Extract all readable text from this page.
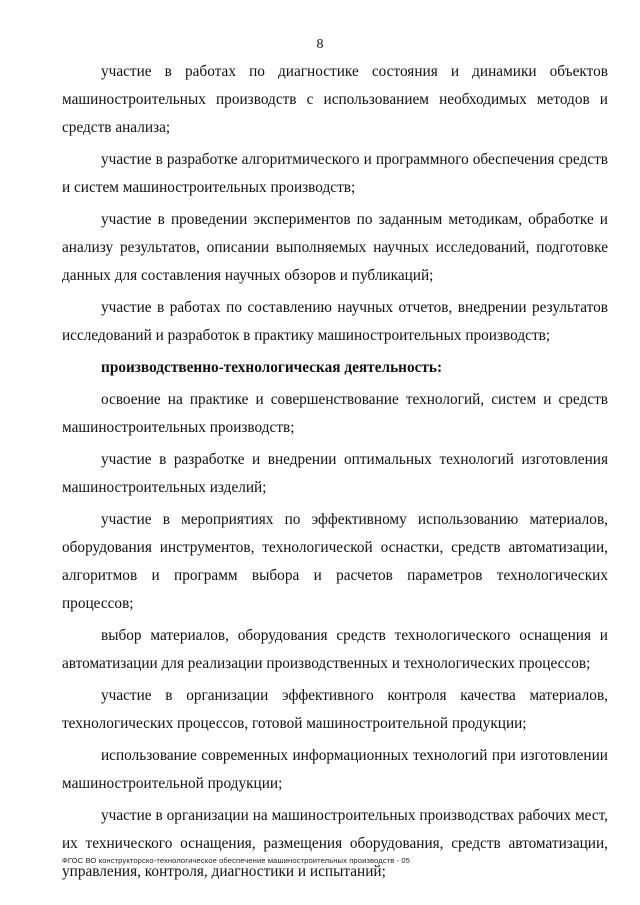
8

участие в работах по диагностике состояния и динамики объектов машиностроительных производств с использованием необходимых методов и средств анализа;

участие в разработке алгоритмического и программного обеспечения средств и систем машиностроительных производств;

участие в проведении экспериментов по заданным методикам, обработке и анализу результатов, описании выполняемых научных исследований, подготовке данных для составления научных обзоров и публикаций;

участие в работах по составлению научных отчетов, внедрении результатов исследований и разработок в практику машиностроительных производств;

производственно-технологическая деятельность:

освоение на практике и совершенствование технологий, систем и средств машиностроительных производств;

участие в разработке и внедрении оптимальных технологий изготовления машиностроительных изделий;

участие в мероприятиях по эффективному использованию материалов, оборудования инструментов, технологической оснастки, средств автоматизации, алгоритмов и программ выбора и расчетов параметров технологических процессов;

выбор материалов, оборудования средств технологического оснащения и автоматизации для реализации производственных и технологических процессов;

участие в организации эффективного контроля качества материалов, технологических процессов, готовой машиностроительной продукции;

использование современных информационных технологий при изготовлении машиностроительной продукции;

участие в организации на машиностроительных производствах рабочих мест, их технического оснащения, размещения оборудования, средств автоматизации, управления, контроля, диагностики и испытаний;

ФГОС ВО конструкторско-технологическое обеспечение машиностроительных производств - 05
